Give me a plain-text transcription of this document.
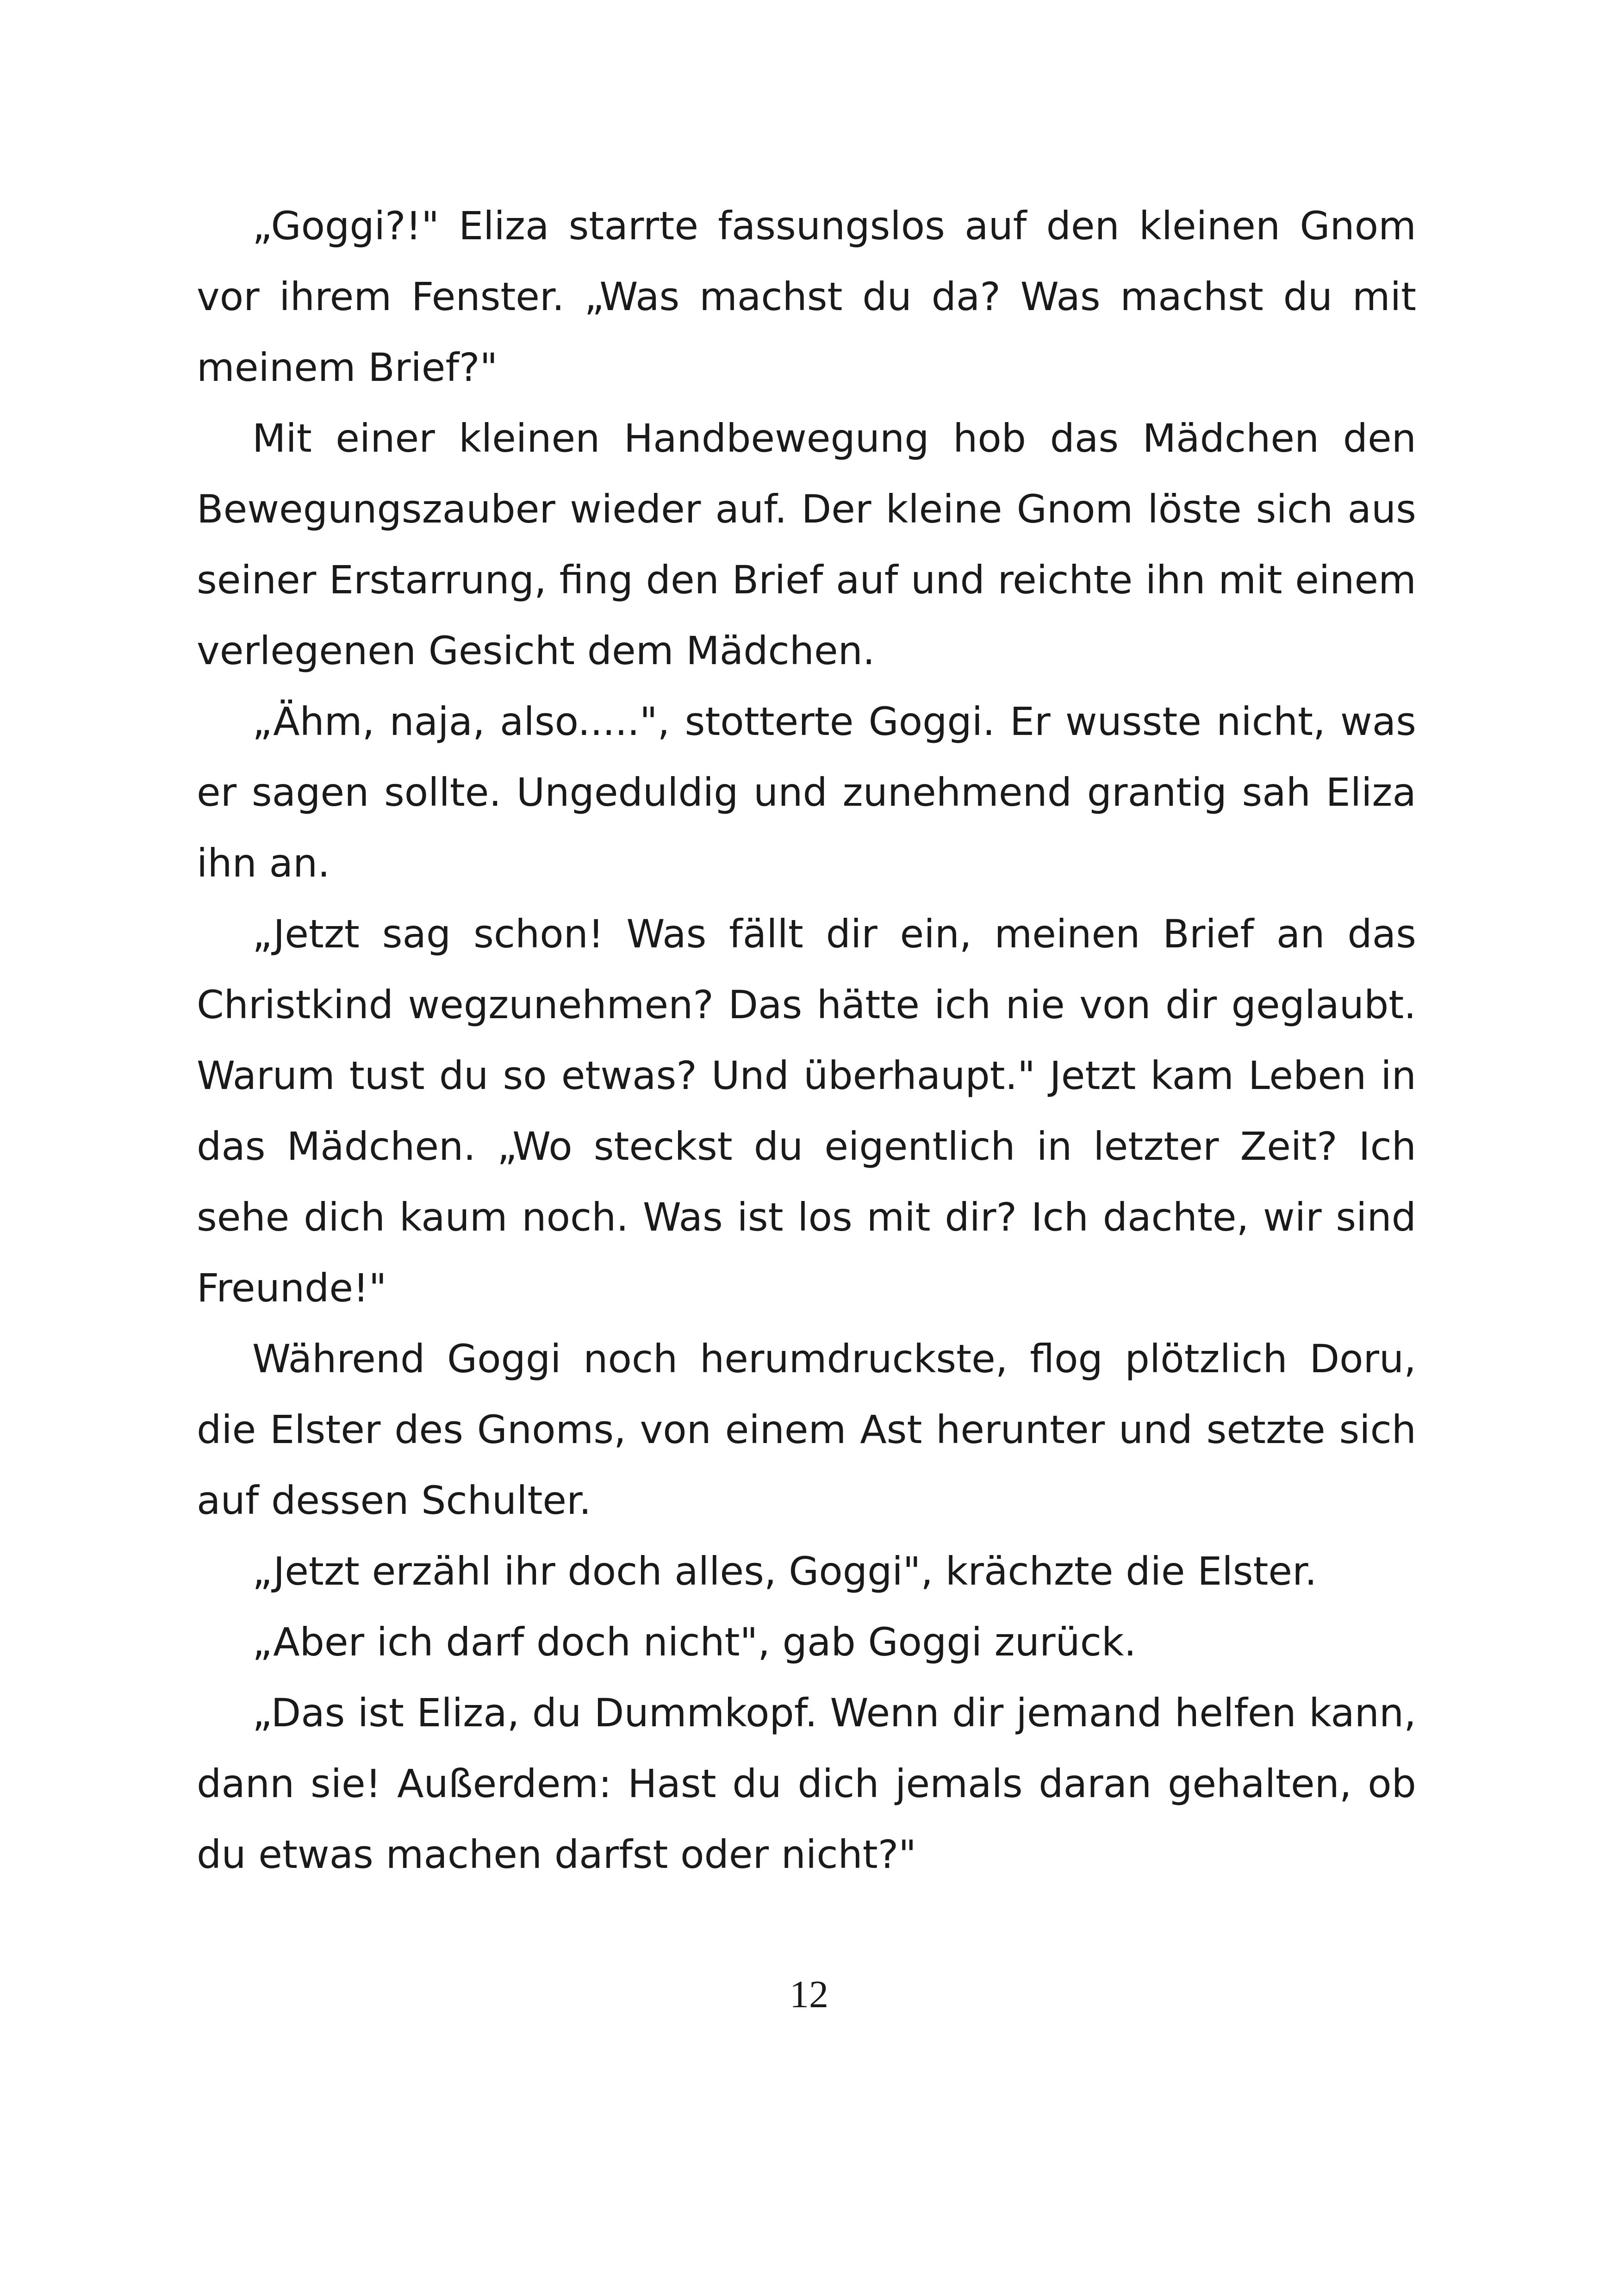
„Goggi?!" Eliza starrte fassungslos auf den kleinen Gnom vor ihrem Fenster. „Was machst du da? Was machst du mit meinem Brief?"

Mit einer kleinen Handbewegung hob das Mädchen den Bewegungszauber wieder auf. Der kleine Gnom löste sich aus seiner Erstarrung, fing den Brief auf und reichte ihn mit einem verlegenen Gesicht dem Mädchen.

„Ähm, naja, also.....", stotterte Goggi. Er wusste nicht, was er sagen sollte. Ungeduldig und zunehmend grantig sah Eliza ihn an.

„Jetzt sag schon! Was fällt dir ein, meinen Brief an das Christkind wegzunehmen? Das hätte ich nie von dir geglaubt. Warum tust du so etwas? Und überhaupt." Jetzt kam Leben in das Mädchen. „Wo steckst du eigentlich in letzter Zeit? Ich sehe dich kaum noch. Was ist los mit dir? Ich dachte, wir sind Freunde!"

Während Goggi noch herumdruckste, flog plötzlich Doru, die Elster des Gnoms, von einem Ast herunter und setzte sich auf dessen Schulter.

„Jetzt erzähl ihr doch alles, Goggi", krächzte die Elster.

„Aber ich darf doch nicht", gab Goggi zurück.

„Das ist Eliza, du Dummkopf. Wenn dir jemand helfen kann, dann sie! Außerdem: Hast du dich jemals daran gehalten, ob du etwas machen darfst oder nicht?"

12
